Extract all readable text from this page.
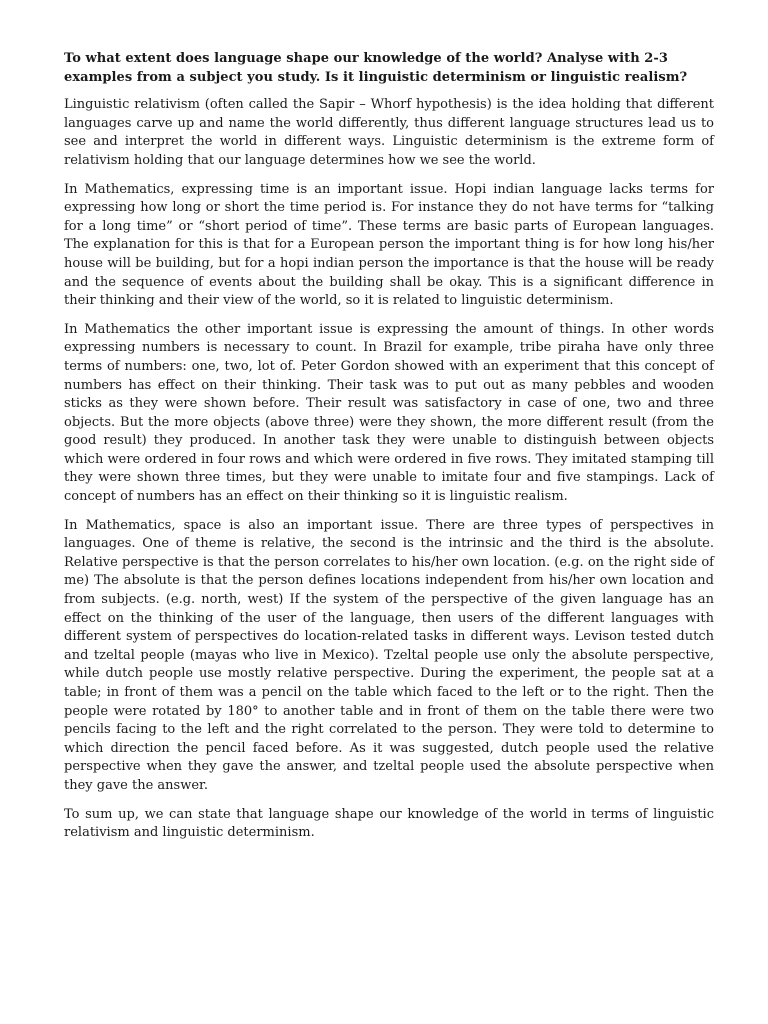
To what extent does language shape our knowledge of the world? Analyse with 2-3 examples from a subject you study. Is it linguistic determinism or linguistic realism?

Linguistic relativism (often called the Sapir – Whorf hypothesis) is the idea holding that different languages carve up and name the world differently, thus different language structures lead us to see and interpret the world in different ways. Linguistic determinism is the extreme form of relativism holding that our language determines how we see the world.

In Mathematics, expressing time is an important issue. Hopi indian language lacks terms for expressing how long or short the time period is. For instance they do not have terms for “talking for a long time” or “short period of time”. These terms are basic parts of European languages. The explanation for this is that for a European person the important thing is for how long his/her house will be building, but for a hopi indian person the importance is that the house will be ready and the sequence of events about the building shall be okay. This is a significant difference in their thinking and their view of the world, so it is related to linguistic determinism.

In Mathematics the other important issue is expressing the amount of things. In other words expressing numbers is necessary to count. In Brazil for example, tribe piraha have only three terms of numbers: one, two, lot of. Peter Gordon showed with an experiment that this concept of numbers has effect on their thinking. Their task was to put out as many pebbles and wooden sticks as they were shown before. Their result was satisfactory in case of one, two and three objects. But the more objects (above three) were they shown, the more different result (from the good result) they produced. In another task they were unable to distinguish between objects which were ordered in four rows and which were ordered in five rows. They imitated stamping till they were shown three times, but they were unable to imitate four and five stampings. Lack of concept of numbers has an effect on their thinking so it is linguistic realism.

In Mathematics, space is also an important issue. There are three types of perspectives in languages. One of theme is relative, the second is the intrinsic and the third is the absolute. Relative perspective is that the person correlates to his/her own location. (e.g. on the right side of me) The absolute is that the person defines locations independent from his/her own location and from subjects. (e.g. north, west) If the system of the perspective of the given language has an effect on the thinking of the user of the language, then users of the different languages with different system of perspectives do location-related tasks in different ways. Levison tested dutch and tzeltal people (mayas who live in Mexico). Tzeltal people use only the absolute perspective, while dutch people use mostly relative perspective. During the experiment, the people sat at a table; in front of them was a pencil on the table which faced to the left or to the right. Then the people were rotated by 180° to another table and in front of them on the table there were two pencils facing to the left and the right correlated to the person. They were told to determine to which direction the pencil faced before. As it was suggested, dutch people used the relative perspective when they gave the answer, and tzeltal people used the absolute perspective when they gave the answer.

To sum up, we can state that language shape our knowledge of the world in terms of linguistic relativism and linguistic determinism.
